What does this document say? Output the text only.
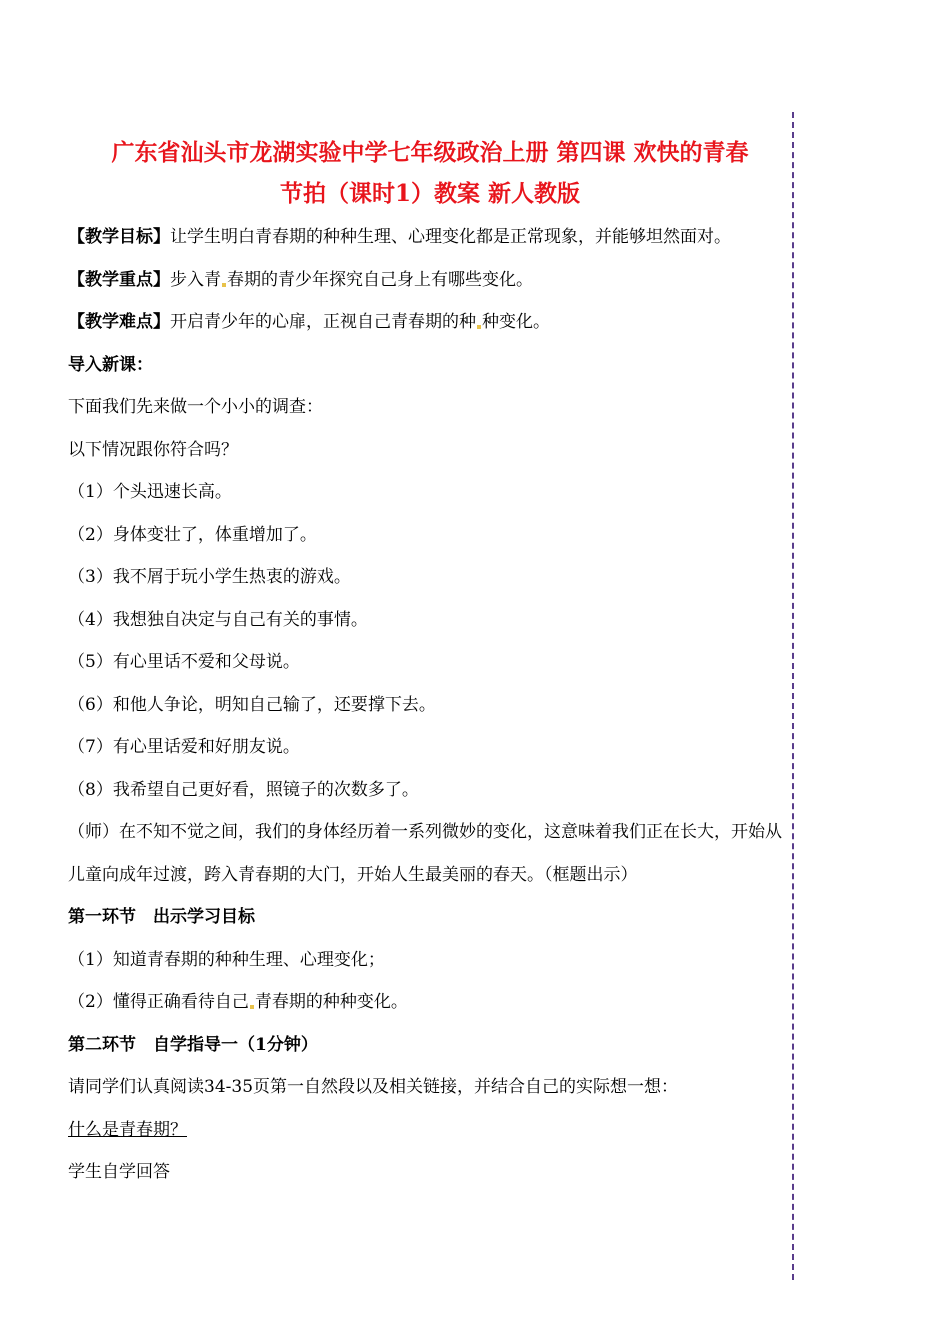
广东省汕头市龙湖实验中学七年级政治上册 第四课 欢快的青春
节拍（课时1）教案 新人教版

【教学目标】让学生明白青春期的种种生理、心理变化都是正常现象，并能够坦然面对。

【教学重点】步入青 春期的青少年探究自己身上有哪些变化。

【教学难点】开启青少年的心扉，正视自己青春期的种 种变化。

导入新课：

下面我们先来做一个小小的调查：

以下情况跟你符合吗？

（1）个头迅速长高。

（2）身体变壮了，体重增加了。

（3）我不屑于玩小学生热衷的游戏。

（4）我想独自决定与自己有关的事情。

（5）有心里话不爱和父母说。

（6）和他人争论，明知自己输了，还要撑下去。

（7）有心里话爱和好朋友说。

（8）我希望自己更好看，照镜子的次数多了。

（师）在不知不觉之间，我们的身体经历着一系列微妙的变化，这意味着我们正在长大，开始从儿童向成年过渡，跨入青春期的大门，开始人生最美丽的春天。（框题出示）

第一环节　出示学习目标

（1）知道青春期的种种生理、心理变化；

（2）懂得正确看待自己 青春期的种种变化。

第二环节　自学指导一（1分钟）

请同学们认真阅读34-35页第一自然段以及相关链接，并结合自己的实际想一想：

什么是青春期？

学生自学回答
